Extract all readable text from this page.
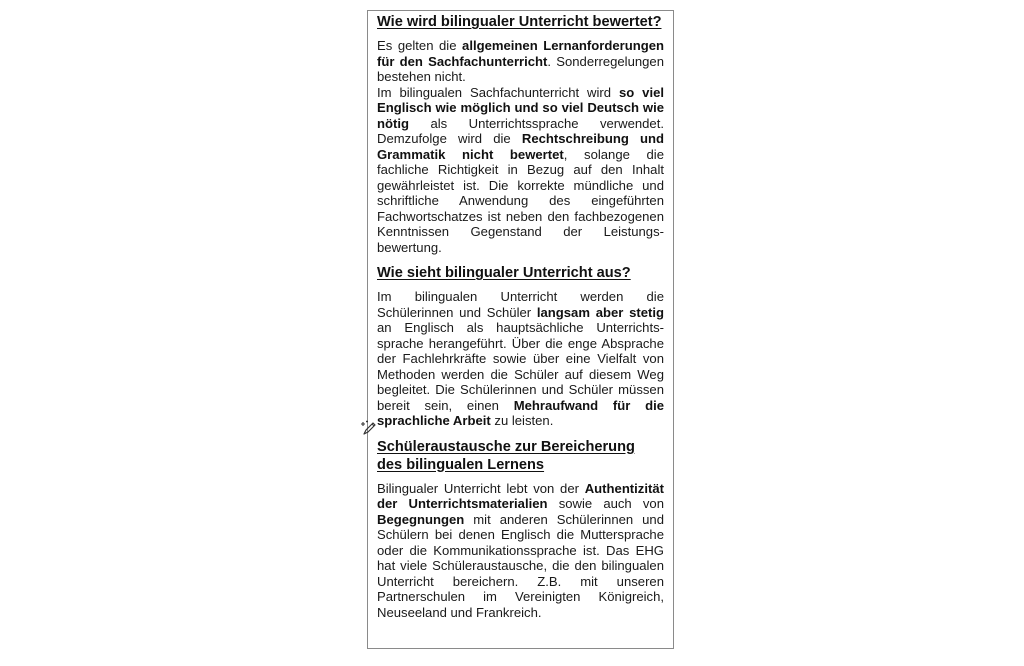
Wie wird bilingualer Unterricht bewertet?

Es gelten die allgemeinen Lernanforderungen für den Sachfachunterricht. Sonderregelungen bestehen nicht.

Im bilingualen Sachfachunterricht wird so viel Englisch wie möglich und so viel Deutsch wie nötig als Unterrichtssprache verwendet. Demzufolge wird die Rechtschreibung und Grammatik nicht bewertet, solange die fachliche Richtigkeit in Bezug auf den Inhalt gewährleistet ist. Die korrekte mündliche und schriftliche Anwendung des eingeführten Fachwortschatzes ist neben den fachbezogenen Kenntnissen Gegenstand der Leistungs-bewertung.

Wie sieht bilingualer Unterricht aus?

Im bilingualen Unterricht werden die Schülerinnen und Schüler langsam aber stetig an Englisch als hauptsächliche Unterrichts-sprache herangeführt. Über die enge Absprache der Fachlehrkräfte sowie über eine Vielfalt von Methoden werden die Schüler auf diesem Weg begleitet. Die Schülerinnen und Schüler müssen bereit sein, einen Mehraufwand für die sprachliche Arbeit zu leisten.

Schüleraustausche zur Bereicherung des bilingualen Lernens

Bilingualer Unterricht lebt von der Authentizität der Unterrichtsmaterialien sowie auch von Begegnungen mit anderen Schülerinnen und Schülern bei denen Englisch die Muttersprache oder die Kommunikationssprache ist. Das EHG hat viele Schüleraustausche, die den bilingualen Unterricht bereichern. Z.B. mit unseren Partnerschulen im Vereinigten Königreich, Neuseeland und Frankreich.
